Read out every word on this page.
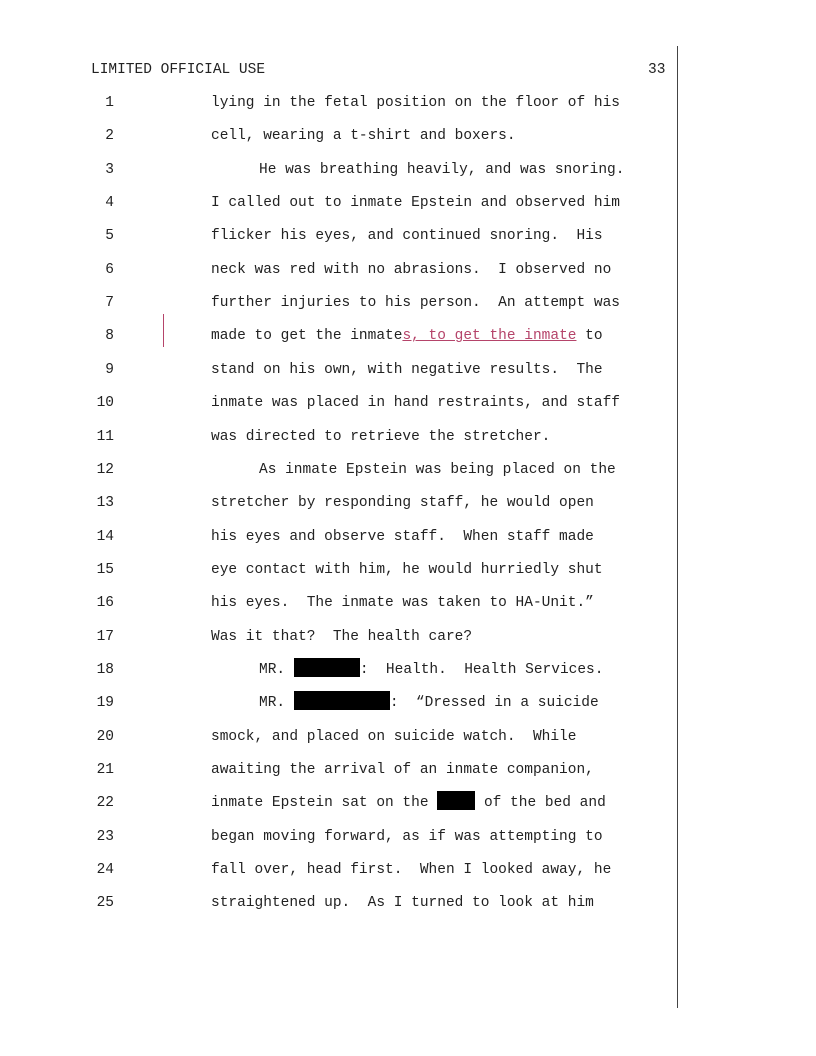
LIMITED OFFICIAL USE	33
1	lying in the fetal position on the floor of his
2	cell, wearing a t-shirt and boxers.
3	He was breathing heavily, and was snoring.
4	I called out to inmate Epstein and observed him
5	flicker his eyes, and continued snoring.  His
6	neck was red with no abrasions.  I observed no
7	further injuries to his person.  An attempt was
8	made to get the inmates, to get the inmate to
9	stand on his own, with negative results.  The
10	inmate was placed in hand restraints, and staff
11	was directed to retrieve the stretcher.
12	As inmate Epstein was being placed on the
13	stretcher by responding staff, he would open
14	his eyes and observe staff.  When staff made
15	eye contact with him, he would hurriedly shut
16	his eyes.  The inmate was taken to HA-Unit.”
17	Was it that?  The health care?
18	MR.	:  Health.  Health Services.
19	MR.	:  “Dressed in a suicide
20	smock, and placed on suicide watch.  While
21	awaiting the arrival of an inmate companion,
22	inmate Epstein sat on the	of the bed and
23	began moving forward, as if was attempting to
24	fall over, head first.  When I looked away, he
25	straightened up.  As I turned to look at him
